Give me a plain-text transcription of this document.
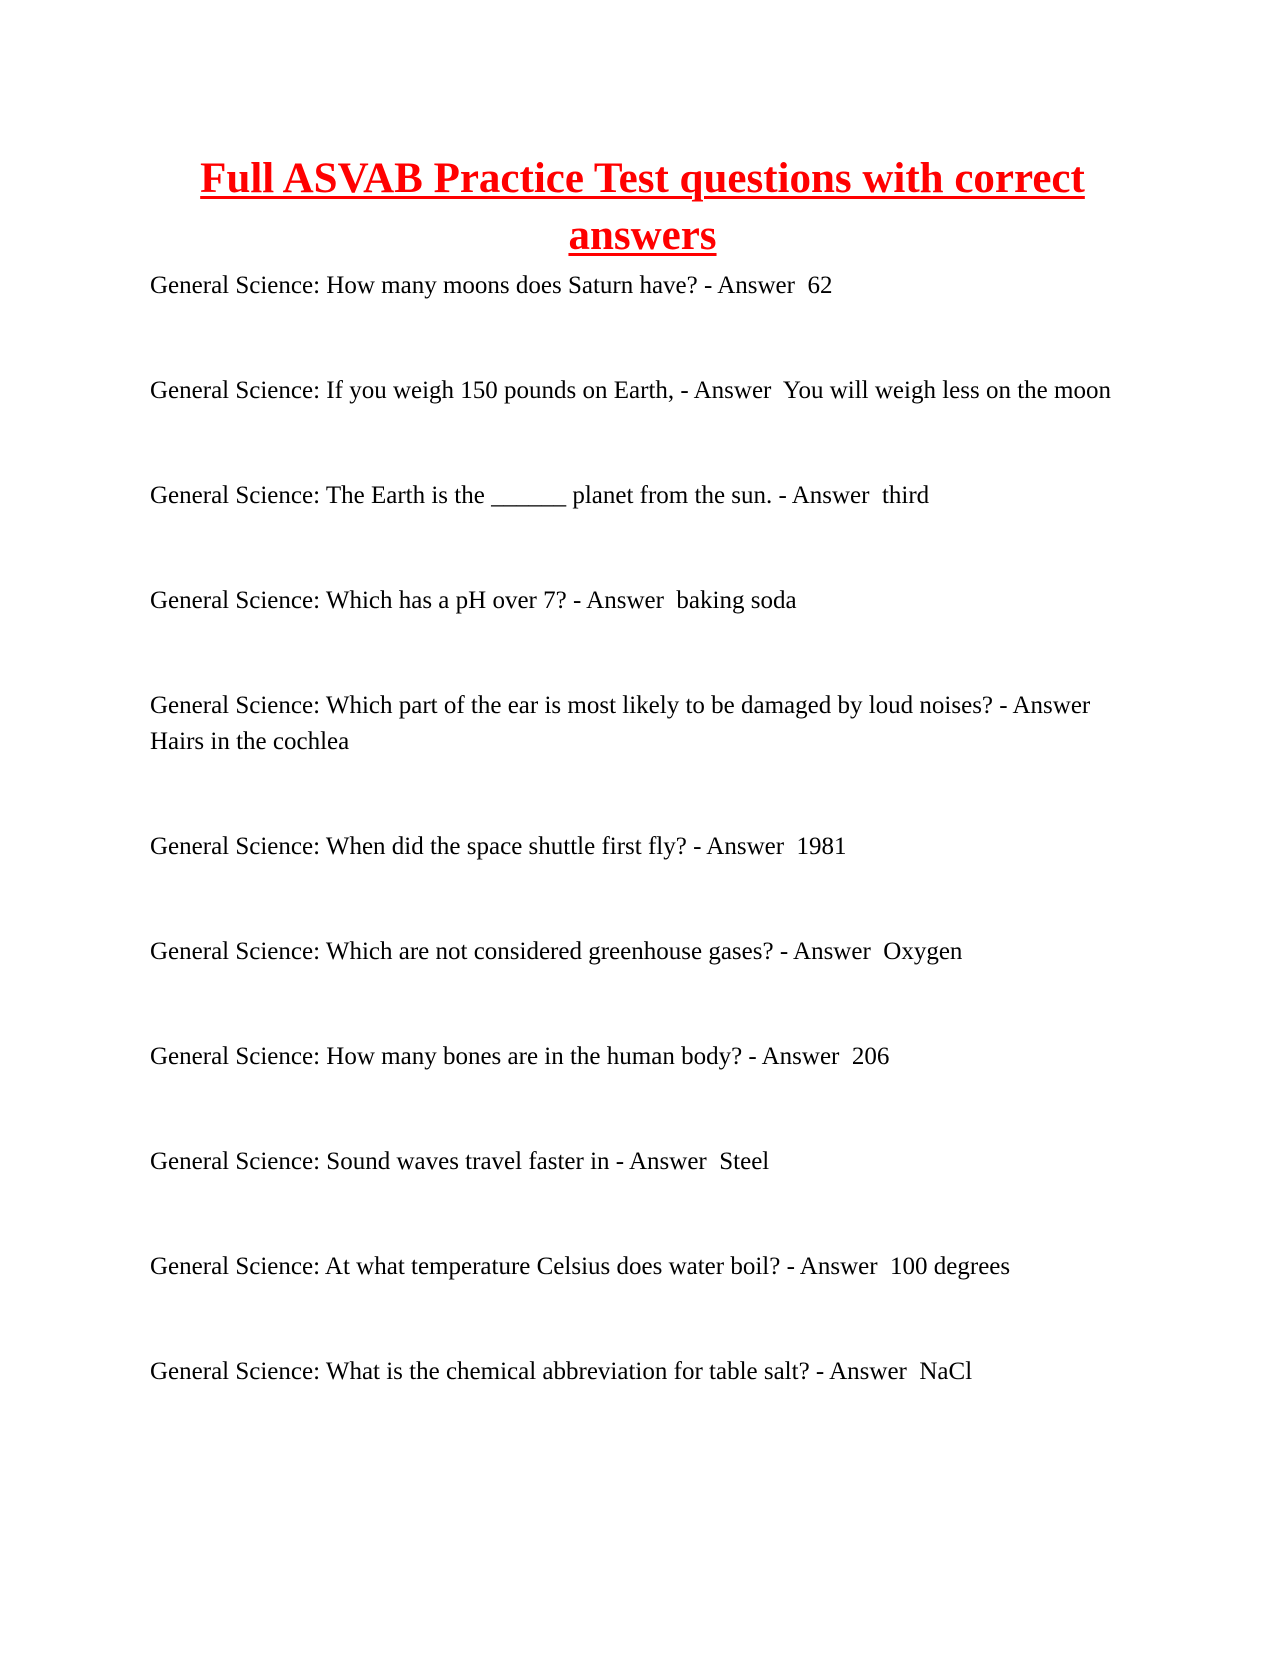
Full ASVAB Practice Test questions with correct answers
General Science: How many moons does Saturn have? - Answer  62
General Science: If you weigh 150 pounds on Earth, - Answer  You will weigh less on the moon
General Science: The Earth is the ______ planet from the sun. - Answer  third
General Science: Which has a pH over 7? - Answer  baking soda
General Science: Which part of the ear is most likely to be damaged by loud noises? - Answer  Hairs in the cochlea
General Science: When did the space shuttle first fly? - Answer  1981
General Science: Which are not considered greenhouse gases? - Answer  Oxygen
General Science: How many bones are in the human body? - Answer  206
General Science: Sound waves travel faster in - Answer  Steel
General Science: At what temperature Celsius does water boil? - Answer  100 degrees
General Science: What is the chemical abbreviation for table salt? - Answer  NaCl
